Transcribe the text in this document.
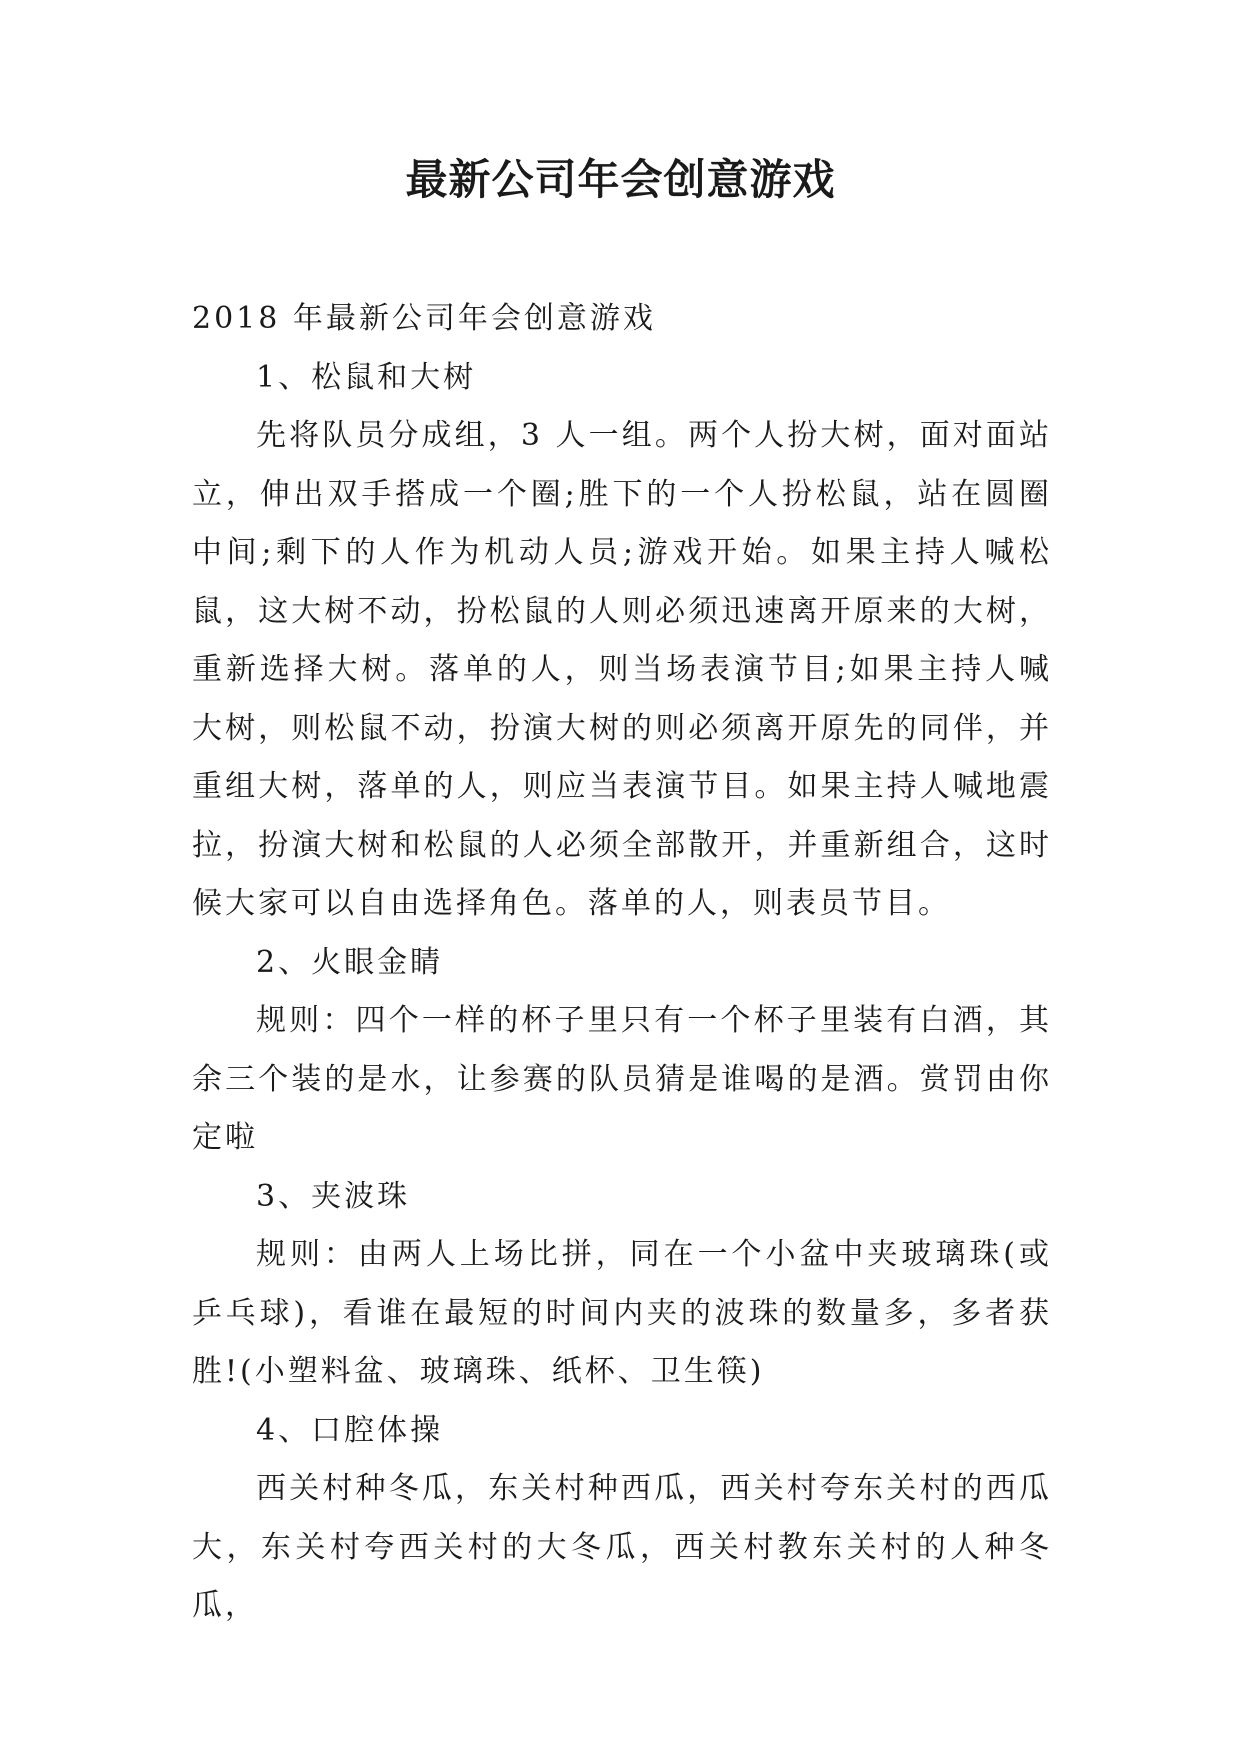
最新公司年会创意游戏

2018 年最新公司年会创意游戏

1、松鼠和大树

先将队员分成组，3 人一组。两个人扮大树，面对面站立，伸出双手搭成一个圈;胜下的一个人扮松鼠，站在圆圈中间;剩下的人作为机动人员;游戏开始。如果主持人喊松鼠，这大树不动，扮松鼠的人则必须迅速离开原来的大树，重新选择大树。落单的人，则当场表演节目;如果主持人喊大树，则松鼠不动，扮演大树的则必须离开原先的同伴，并重组大树，落单的人，则应当表演节目。如果主持人喊地震拉，扮演大树和松鼠的人必须全部散开，并重新组合，这时候大家可以自由选择角色。落单的人，则表员节目。

2、火眼金睛

规则：四个一样的杯子里只有一个杯子里装有白酒，其余三个装的是水，让参赛的队员猜是谁喝的是酒。赏罚由你定啦

3、夹波珠

规则：由两人上场比拼，同在一个小盆中夹玻璃珠(或乒乓球)，看谁在最短的时间内夹的波珠的数量多，多者获胜!(小塑料盆、玻璃珠、纸杯、卫生筷)

4、口腔体操

西关村种冬瓜，东关村种西瓜，西关村夸东关村的西瓜大，东关村夸西关村的大冬瓜，西关村教东关村的人种冬瓜，
